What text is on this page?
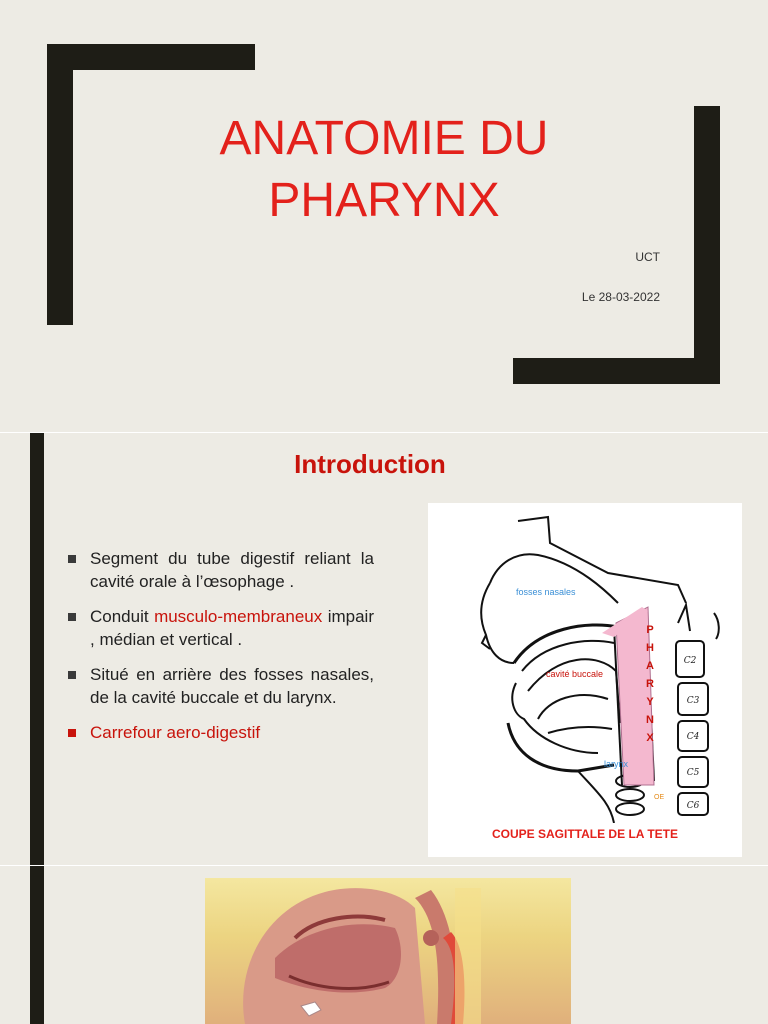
ANATOMIE DU
PHARYNX
UCT
Le 28-03-2022
Introduction
Segment du tube digestif reliant la cavité orale à l’œsophage .
Conduit musculo-membraneux impair , médian et vertical .
Situé en arrière des fosses nasales, de la cavité buccale et du larynx.
Carrefour aero-digestif
fosses nasales
cavité buccale
larynx
OE
P
H
A
R
Y
N
X
C2
C3
C4
C5
C6
COUPE SAGITTALE DE LA TETE
